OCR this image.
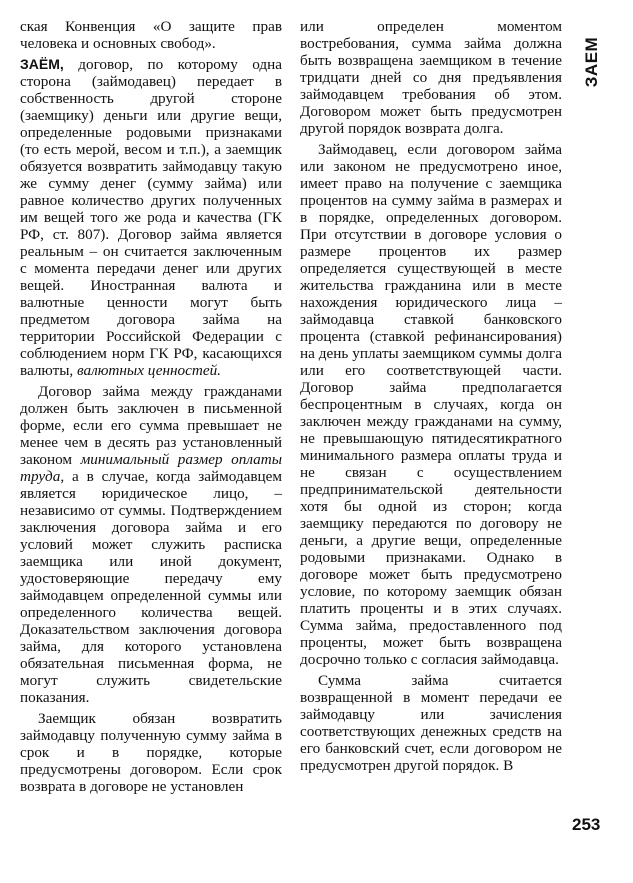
ская Конвенция «О защите прав человека и основных свобод».

ЗАЁМ, договор, по которому одна сторона (займодавец) передает в собственность другой стороне (заемщику) деньги или другие вещи, определенные родовыми признаками (то есть мерой, весом и т.п.), а заемщик обязуется возвратить займодавцу такую же сумму денег (сумму займа) или равное количество других полученных им вещей того же рода и качества (ГК РФ, ст. 807). Договор займа является реальным – он считается заключенным с момента передачи денег или других вещей. Иностранная валюта и валютные ценности могут быть предметом договора займа на территории Российской Федерации с соблюдением норм ГК РФ, касающихся валюты, валютных ценностей.

Договор займа между гражданами должен быть заключен в письменной форме, если его сумма превышает не менее чем в десять раз установленный законом минимальный размер оплаты труда, а в случае, когда займодавцем является юридическое лицо, – независимо от суммы. Подтверждением заключения договора займа и его условий может служить расписка заемщика или иной документ, удостоверяющие передачу ему займодавцем определенной суммы или определенного количества вещей. Доказательством заключения договора займа, для которого установлена обязательная письменная форма, не могут служить свидетельские показания.

Заемщик обязан возвратить займодавцу полученную сумму займа в срок и в порядке, которые предусмотрены договором. Если срок возврата в договоре не установлен

или определен моментом востребования, сумма займа должна быть возвращена заемщиком в течение тридцати дней со дня предъявления займодавцем требования об этом. Договором может быть предусмотрен другой порядок возврата долга.

Займодавец, если договором займа или законом не предусмотрено иное, имеет право на получение с заемщика процентов на сумму займа в размерах и в порядке, определенных договором. При отсутствии в договоре условия о размере процентов их размер определяется существующей в месте жительства гражданина или в месте нахождения юридического лица – займодавца ставкой банковского процента (ставкой рефинансирования) на день уплаты заемщиком суммы долга или его соответствующей части. Договор займа предполагается беспроцентным в случаях, когда он заключен между гражданами на сумму, не превышающую пятидесятикратного минимального размера оплаты труда и не связан с осуществлением предпринимательской деятельности хотя бы одной из сторон; когда заемщику передаются по договору не деньги, а другие вещи, определенные родовыми признаками. Однако в договоре может быть предусмотрено условие, по которому заемщик обязан платить проценты и в этих случаях. Сумма займа, предоставленного под проценты, может быть возвращена досрочно только с согласия займодавца.

Сумма займа считается возвращенной в момент передачи ее займодавцу или зачисления соответствующих денежных средств на его банковский счет, если договором не предусмотрен другой порядок. В

ЗАЕМ
253
